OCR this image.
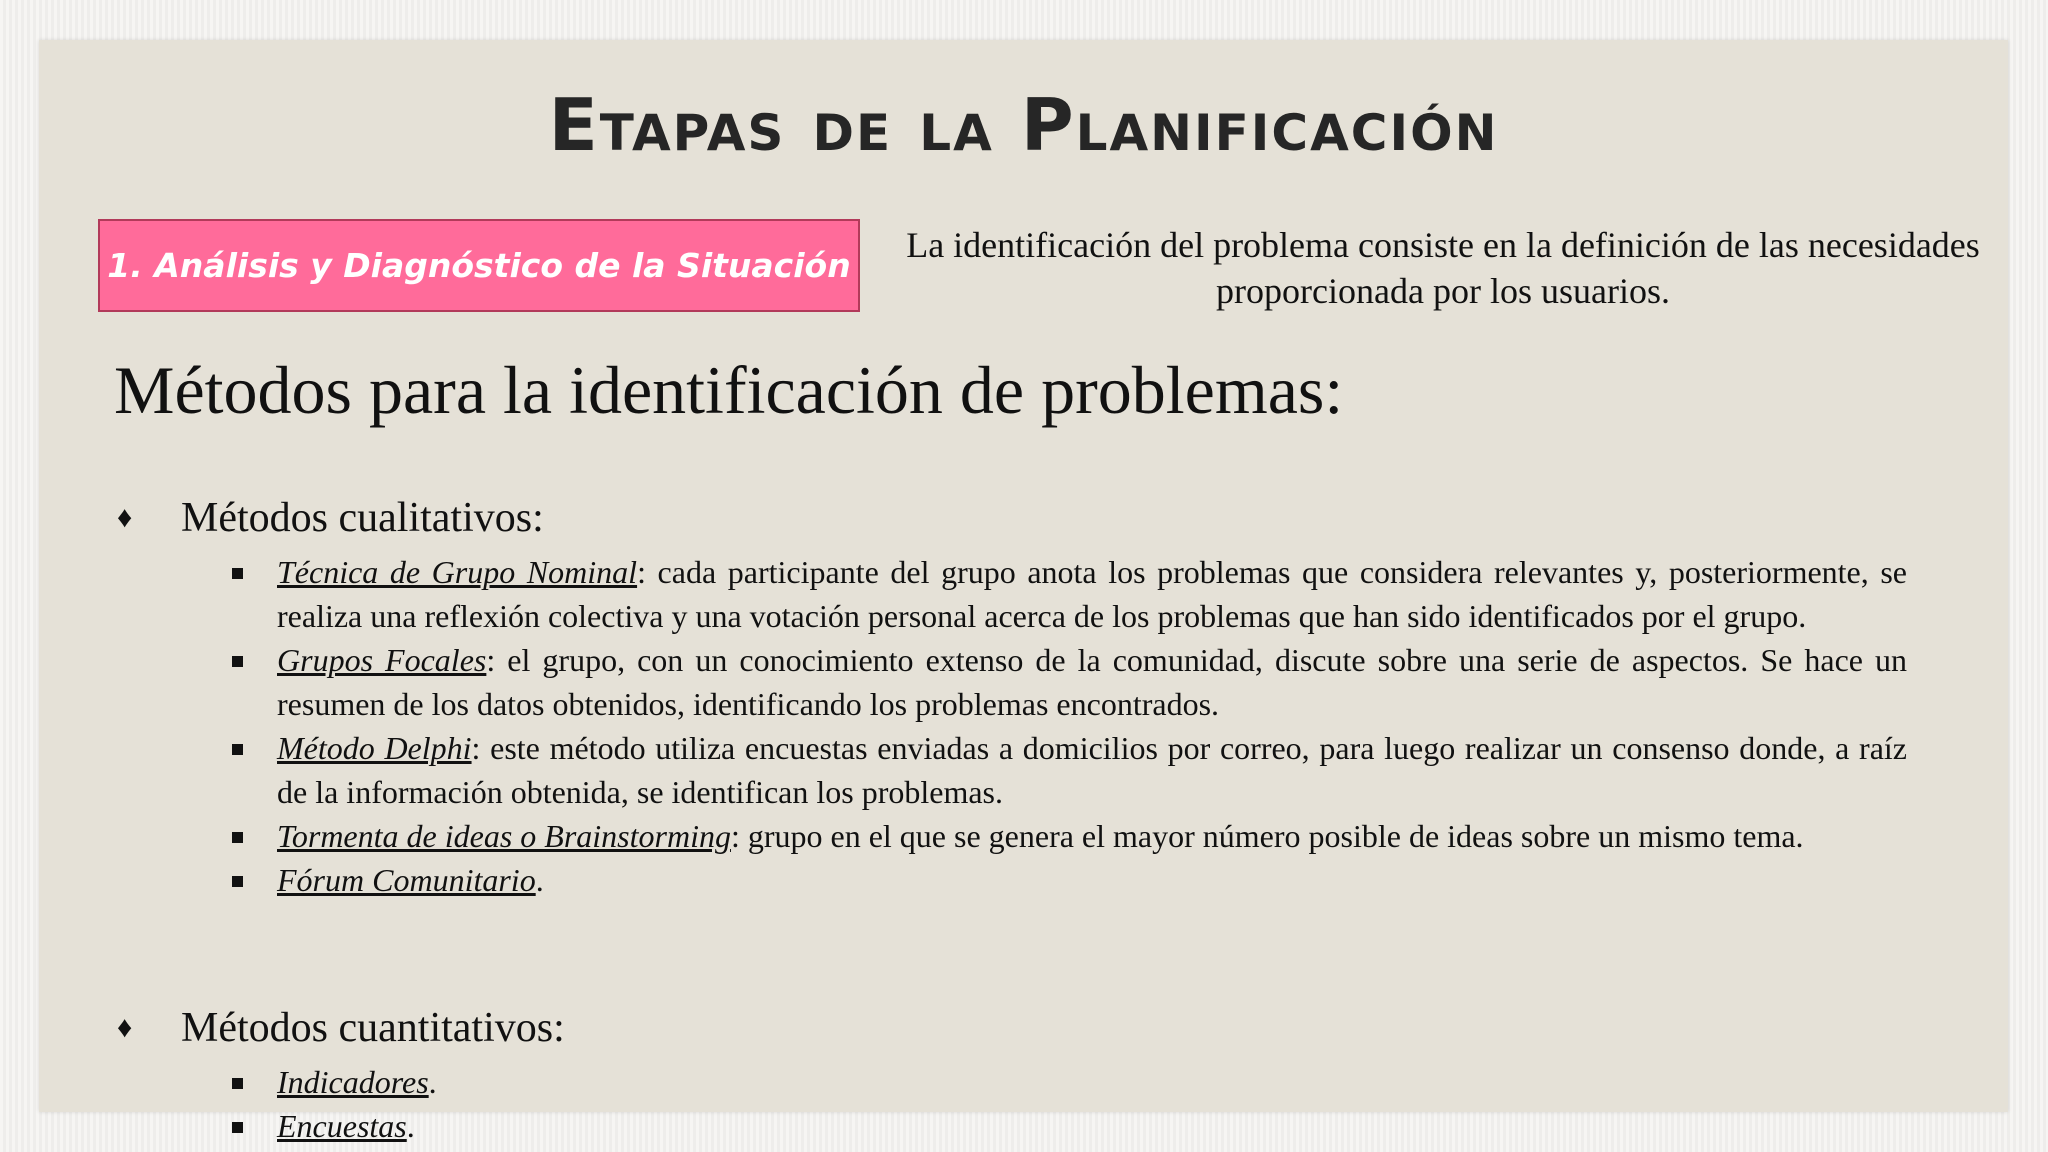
Etapas de la Planificación
1. Análisis y Diagnóstico de la Situación

La identificación del problema consiste en la definición de las necesidades proporcionada por los usuarios.

Métodos para la identificación de problemas:
♦	Métodos cualitativos:
Técnica de Grupo Nominal: cada participante del grupo anota los problemas que considera relevantes y, posteriormente, se realiza una reflexión colectiva y una votación personal acerca de los problemas que han sido identificados por el grupo.
Grupos Focales: el grupo, con un conocimiento extenso de la comunidad, discute sobre una serie de aspectos. Se hace un resumen de los datos obtenidos, identificando los problemas encontrados.
Método Delphi: este método utiliza encuestas enviadas a domicilios por correo, para luego realizar un consenso donde, a raíz de la información obtenida, se identifican los problemas.
Tormenta de ideas o Brainstorming: grupo en el que se genera el mayor número posible de ideas sobre un mismo tema.
Fórum Comunitario.
♦	Métodos cuantitativos:
Indicadores.
Encuestas.
